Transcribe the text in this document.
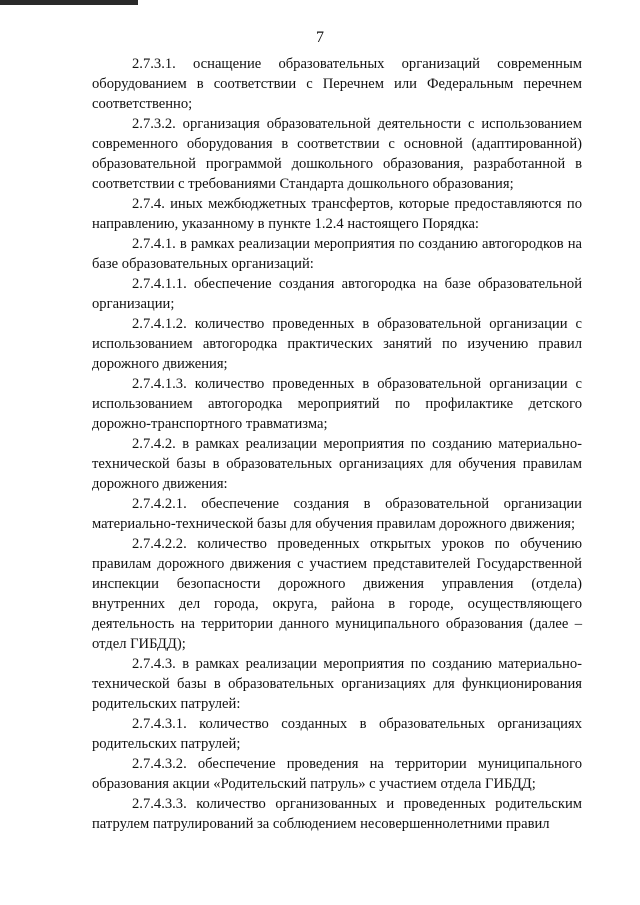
7

2.7.3.1. оснащение образовательных организаций современным оборудованием в соответствии с Перечнем или Федеральным перечнем соответственно;

2.7.3.2. организация образовательной деятельности с использованием современного оборудования в соответствии с основной (адаптированной) образовательной программой дошкольного образования, разработанной в соответствии с требованиями Стандарта дошкольного образования;

2.7.4. иных межбюджетных трансфертов, которые предоставляются по направлению, указанному в пункте 1.2.4 настоящего Порядка:

2.7.4.1. в рамках реализации мероприятия по созданию автогородков на базе образовательных организаций:

2.7.4.1.1. обеспечение создания автогородка на базе образовательной организации;

2.7.4.1.2. количество проведенных в образовательной организации с использованием автогородка практических занятий по изучению правил дорожного движения;

2.7.4.1.3. количество проведенных в образовательной организации с использованием автогородка мероприятий по профилактике детского дорожно-транспортного травматизма;

2.7.4.2. в рамках реализации мероприятия по созданию материально-технической базы в образовательных организациях для обучения правилам дорожного движения:

2.7.4.2.1. обеспечение создания в образовательной организации материально-технической базы для обучения правилам дорожного движения;

2.7.4.2.2. количество проведенных открытых уроков по обучению правилам дорожного движения с участием представителей Государственной инспекции безопасности дорожного движения управления (отдела) внутренних дел города, округа, района в городе, осуществляющего деятельность на территории данного муниципального образования (далее – отдел ГИБДД);

2.7.4.3. в рамках реализации мероприятия по созданию материально-технической базы в образовательных организациях для функционирования родительских патрулей:

2.7.4.3.1. количество созданных в образовательных организациях родительских патрулей;

2.7.4.3.2. обеспечение проведения на территории муниципального образования акции «Родительский патруль» с участием отдела ГИБДД;

2.7.4.3.3. количество организованных и проведенных родительским патрулем патрулирований за соблюдением несовершеннолетними правил
